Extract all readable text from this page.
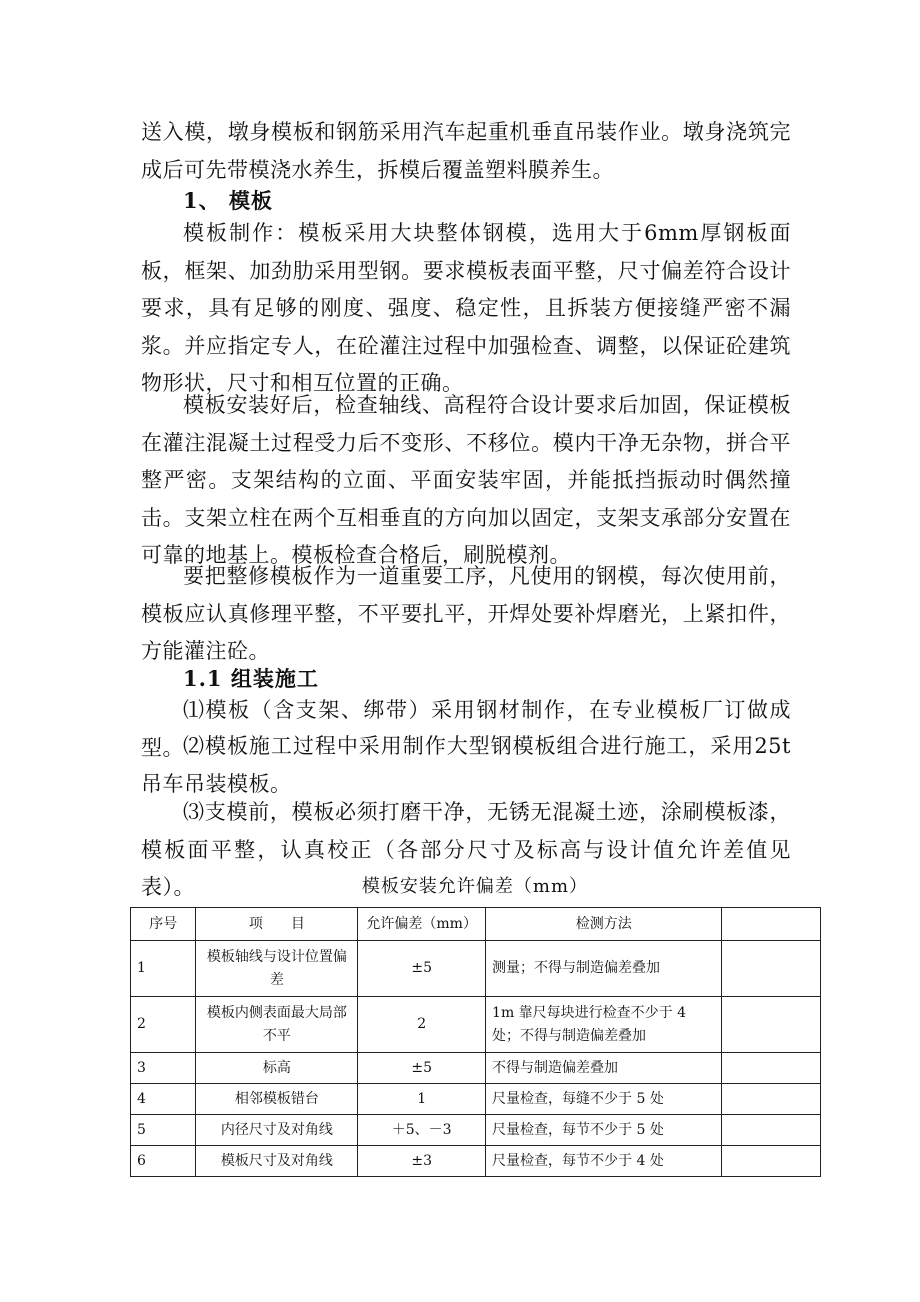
送入模，墩身模板和钢筋采用汽车起重机垂直吊装作业。墩身浇筑完成后可先带模浇水养生，拆模后覆盖塑料膜养生。

1、 模板

模板制作：模板采用大块整体钢模，选用大于6mm厚钢板面板，框架、加劲肋采用型钢。要求模板表面平整，尺寸偏差符合设计要求，具有足够的刚度、强度、稳定性，且拆装方便接缝严密不漏浆。并应指定专人，在砼灌注过程中加强检查、调整，以保证砼建筑物形状，尺寸和相互位置的正确。

模板安装好后，检查轴线、高程符合设计要求后加固，保证模板在灌注混凝土过程受力后不变形、不移位。模内干净无杂物，拼合平整严密。支架结构的立面、平面安装牢固，并能抵挡振动时偶然撞击。支架立柱在两个互相垂直的方向加以固定，支架支承部分安置在可靠的地基上。模板检查合格后，刷脱模剂。

要把整修模板作为一道重要工序，凡使用的钢模，每次使用前，模板应认真修理平整，不平要扎平，开焊处要补焊磨光，上紧扣件，方能灌注砼。

1.1 组装施工

⑴模板（含支架、绑带）采用钢材制作，在专业模板厂订做成型。 ⑵模板施工过程中采用制作大型钢模板组合进行施工，采用25t吊车吊装模板。

⑶支模前，模板必须打磨干净，无锈无混凝土迹，涂刷模板漆，模板面平整，认真校正（各部分尺寸及标高与设计值允许差值见表）。	模板安装允许偏差（mm）

序号	项　　目	允许偏差（mm）	检测方法	
1	模板轴线与设计位置偏差	±5	测量；不得与制造偏差叠加	
2	模板内侧表面最大局部不平	2	1m 靠尺每块进行检查不少于 4 处；不得与制造偏差叠加	
3	标高	±5	不得与制造偏差叠加	
4	相邻模板错台	1	尺量检查，每缝不少于 5 处	
5	内径尺寸及对角线	＋5、－3	尺量检查，每节不少于 5 处	
6	模板尺寸及对角线	±3	尺量检查，每节不少于 4 处	
